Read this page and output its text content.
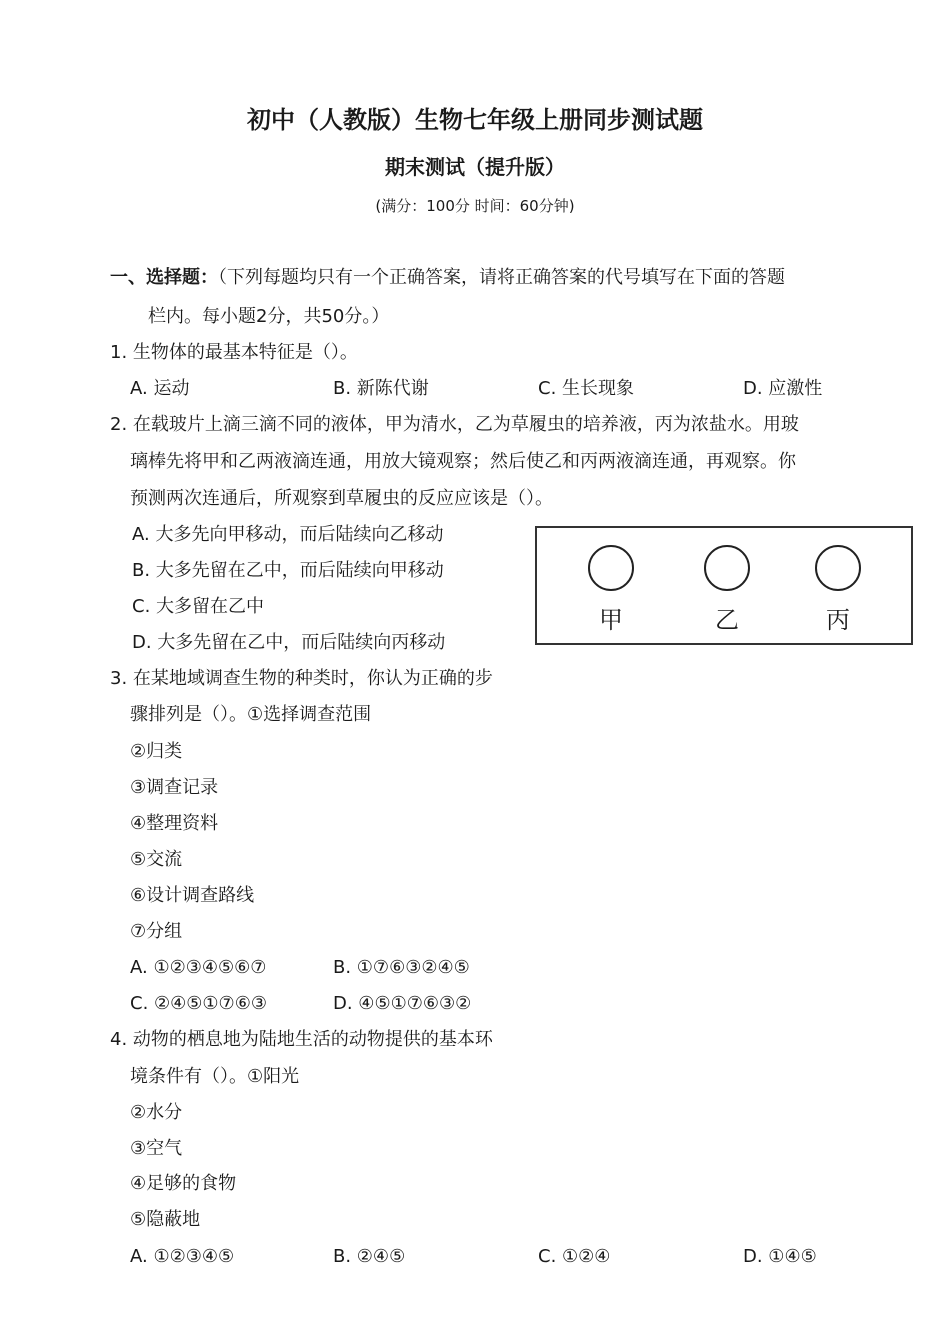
初中（人教版）生物七年级上册同步测试题
期末测试（提升版）
(满分：100分 时间：60分钟)
一、选择题：（下列每题均只有一个正确答案，请将正确答案的代号填写在下面的答题
栏内。每小题2分，共50分。）
1. 生物体的最基本特征是（）。
A. 运动	B. 新陈代谢	C. 生长现象	D. 应激性
2. 在载玻片上滴三滴不同的液体，甲为清水，乙为草履虫的培养液，丙为浓盐水。用玻
璃棒先将甲和乙两液滴连通，用放大镜观察；然后使乙和丙两液滴连通，再观察。你
预测两次连通后，所观察到草履虫的反应应该是（）。
A. 大多先向甲移动，而后陆续向乙移动
B. 大多先留在乙中，而后陆续向甲移动
C. 大多留在乙中
D. 大多先留在乙中，而后陆续向丙移动
甲	乙	丙
3. 在某地域调查生物的种类时，你认为正确的步
骤排列是（）。①选择调查范围
②归类
③调查记录
④整理资料
⑤交流
⑥设计调查路线
⑦分组
A. ①②③④⑤⑥⑦	B. ①⑦⑥③②④⑤
C. ②④⑤①⑦⑥③	D. ④⑤①⑦⑥③②
4. 动物的栖息地为陆地生活的动物提供的基本环
境条件有（）。①阳光
②水分
③空气
④足够的食物
⑤隐蔽地
A. ①②③④⑤	B. ②④⑤	C. ①②④	D. ①④⑤
